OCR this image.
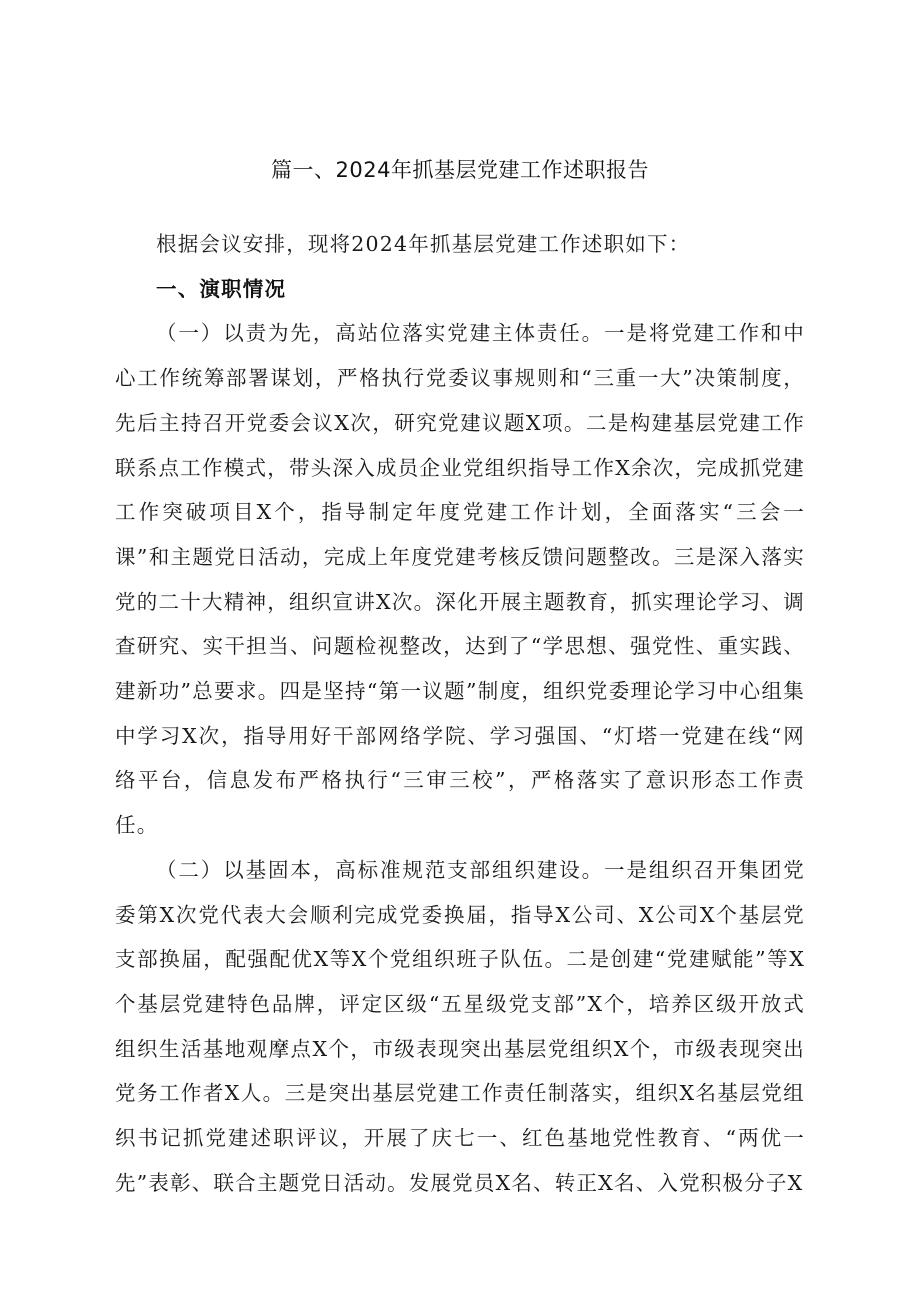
篇一、2024年抓基层党建工作述职报告

根据会议安排，现将2024年抓基层党建工作述职如下：

一、演职情况

（一）以责为先，高站位落实党建主体责任。一是将党建工作和中心工作统筹部署谋划，严格执行党委议事规则和“三重一大”决策制度，先后主持召开党委会议X次，研究党建议题X项。二是构建基层党建工作联系点工作模式，带头深入成员企业党组织指导工作X余次，完成抓党建工作突破项目X个，指导制定年度党建工作计划，全面落实“三会一课”和主题党日活动，完成上年度党建考核反馈问题整改。三是深入落实党的二十大精神，组织宣讲X次。深化开展主题教育，抓实理论学习、调查研究、实干担当、问题检视整改，达到了“学思想、强党性、重实践、建新功”总要求。四是坚持“第一议题”制度，组织党委理论学习中心组集中学习X次，指导用好干部网络学院、学习强国、“灯塔一党建在线“网络平台，信息发布严格执行“三审三校”，严格落实了意识形态工作责任。

（二）以基固本，高标准规范支部组织建设。一是组织召开集团党委第X次党代表大会顺利完成党委换届，指导X公司、X公司X个基层党支部换届，配强配优X等X个党组织班子队伍。二是创建“党建赋能”等X个基层党建特色品牌，评定区级“五星级党支部”X个，培养区级开放式组织生活基地观摩点X个，市级表现突出基层党组织X个，市级表现突出党务工作者X人。三是突出基层党建工作责任制落实，组织X名基层党组织书记抓党建述职评议，开展了庆七一、红色基地党性教育、“两优一先”表彰、联合主题党日活动。发展党员X名、转正X名、入党积极分子X
